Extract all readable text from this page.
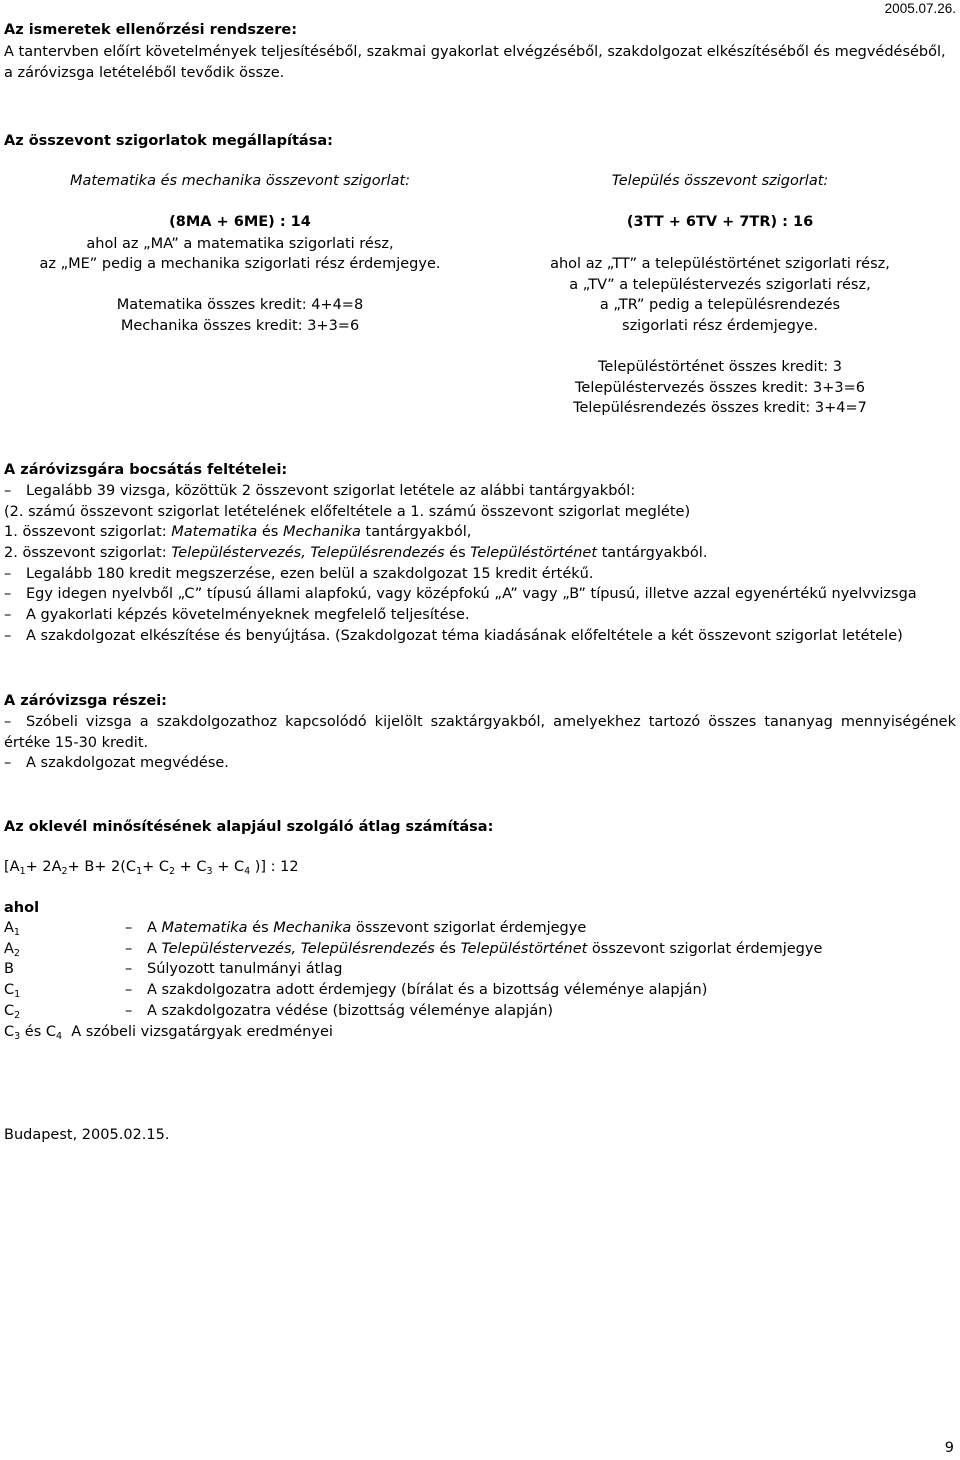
2005.07.26.
Az ismeretek ellenőrzési rendszere:
A tantervben előírt követelmények teljesítéséből, szakmai gyakorlat elvégzéséből, szakdolgozat elkészítéséből és megvédéséből, a záróvizsga letételéből tevődik össze.
Az összevont szigorlatok megállapítása:
Matematika és mechanika összevont szigorlat:	Település összevont szigorlat:
(8MA + 6ME) : 14	(3TT + 6TV + 7TR) : 16
ahol az „MA” a matematika szigorlati rész,
az „ME” pedig a mechanika szigorlati rész érdemjegye.
Matematika összes kredit: 4+4=8
Mechanika összes kredit: 3+3=6
ahol az „TT” a településtörténet szigorlati rész,
a „TV” a településtervezés szigorlati rész,
a „TR” pedig a településrendezés
szigorlati rész érdemjegye.
Településtörténet összes kredit: 3
Településtervezés összes kredit: 3+3=6
Településrendezés összes kredit: 3+4=7
A záróvizsgára bocsátás feltételei:
– Legalább 39 vizsga, közöttük 2 összevont szigorlat letétele az alábbi tantárgyakból:
(2. számú összevont szigorlat letételének előfeltétele a 1. számú összevont szigorlat megléte)
1. összevont szigorlat: Matematika és Mechanika tantárgyakból,
2. összevont szigorlat: Településtervezés, Településrendezés és Településtörténet tantárgyakból.
– Legalább 180 kredit megszerzése, ezen belül a szakdolgozat 15 kredit értékű.
– Egy idegen nyelvből „C” típusú állami alapfokú, vagy középfokú „A” vagy „B” típusú, illetve azzal egyenértékű nyelvvizsga
– A gyakorlati képzés követelményeknek megfelelő teljesítése.
– A szakdolgozat elkészítése és benyújtása. (Szakdolgozat téma kiadásának előfeltétele a két összevont szigorlat letétele)
A záróvizsga részei:
– Szóbeli vizsga a szakdolgozathoz kapcsolódó kijelölt szaktárgyakból, amelyekhez tartozó összes tananyag mennyiségének értéke 15-30 kredit.
– A szakdolgozat megvédése.
Az oklevél minősítésének alapjául szolgáló átlag számítása:
[$A_1+ 2A_2+ B+ 2(C_1+ C_2 + C_3 + C_4$ )] : 12
ahol
$A_1$	– A Matematika és Mechanika összevont szigorlat érdemjegye
$A_2$	– A Településtervezés, Településrendezés és Településtörténet összevont szigorlat érdemjegye
B	– Súlyozott tanulmányi átlag
$C_1$	– A szakdolgozatra adott érdemjegy (bírálat és a bizottság véleménye alapján)
$C_2$	– A szakdolgozatra védése (bizottság véleménye alapján)
$C_3$ és $C_4$ A szóbeli vizsgatárgyak eredményei
Budapest, 2005.02.15.
9
